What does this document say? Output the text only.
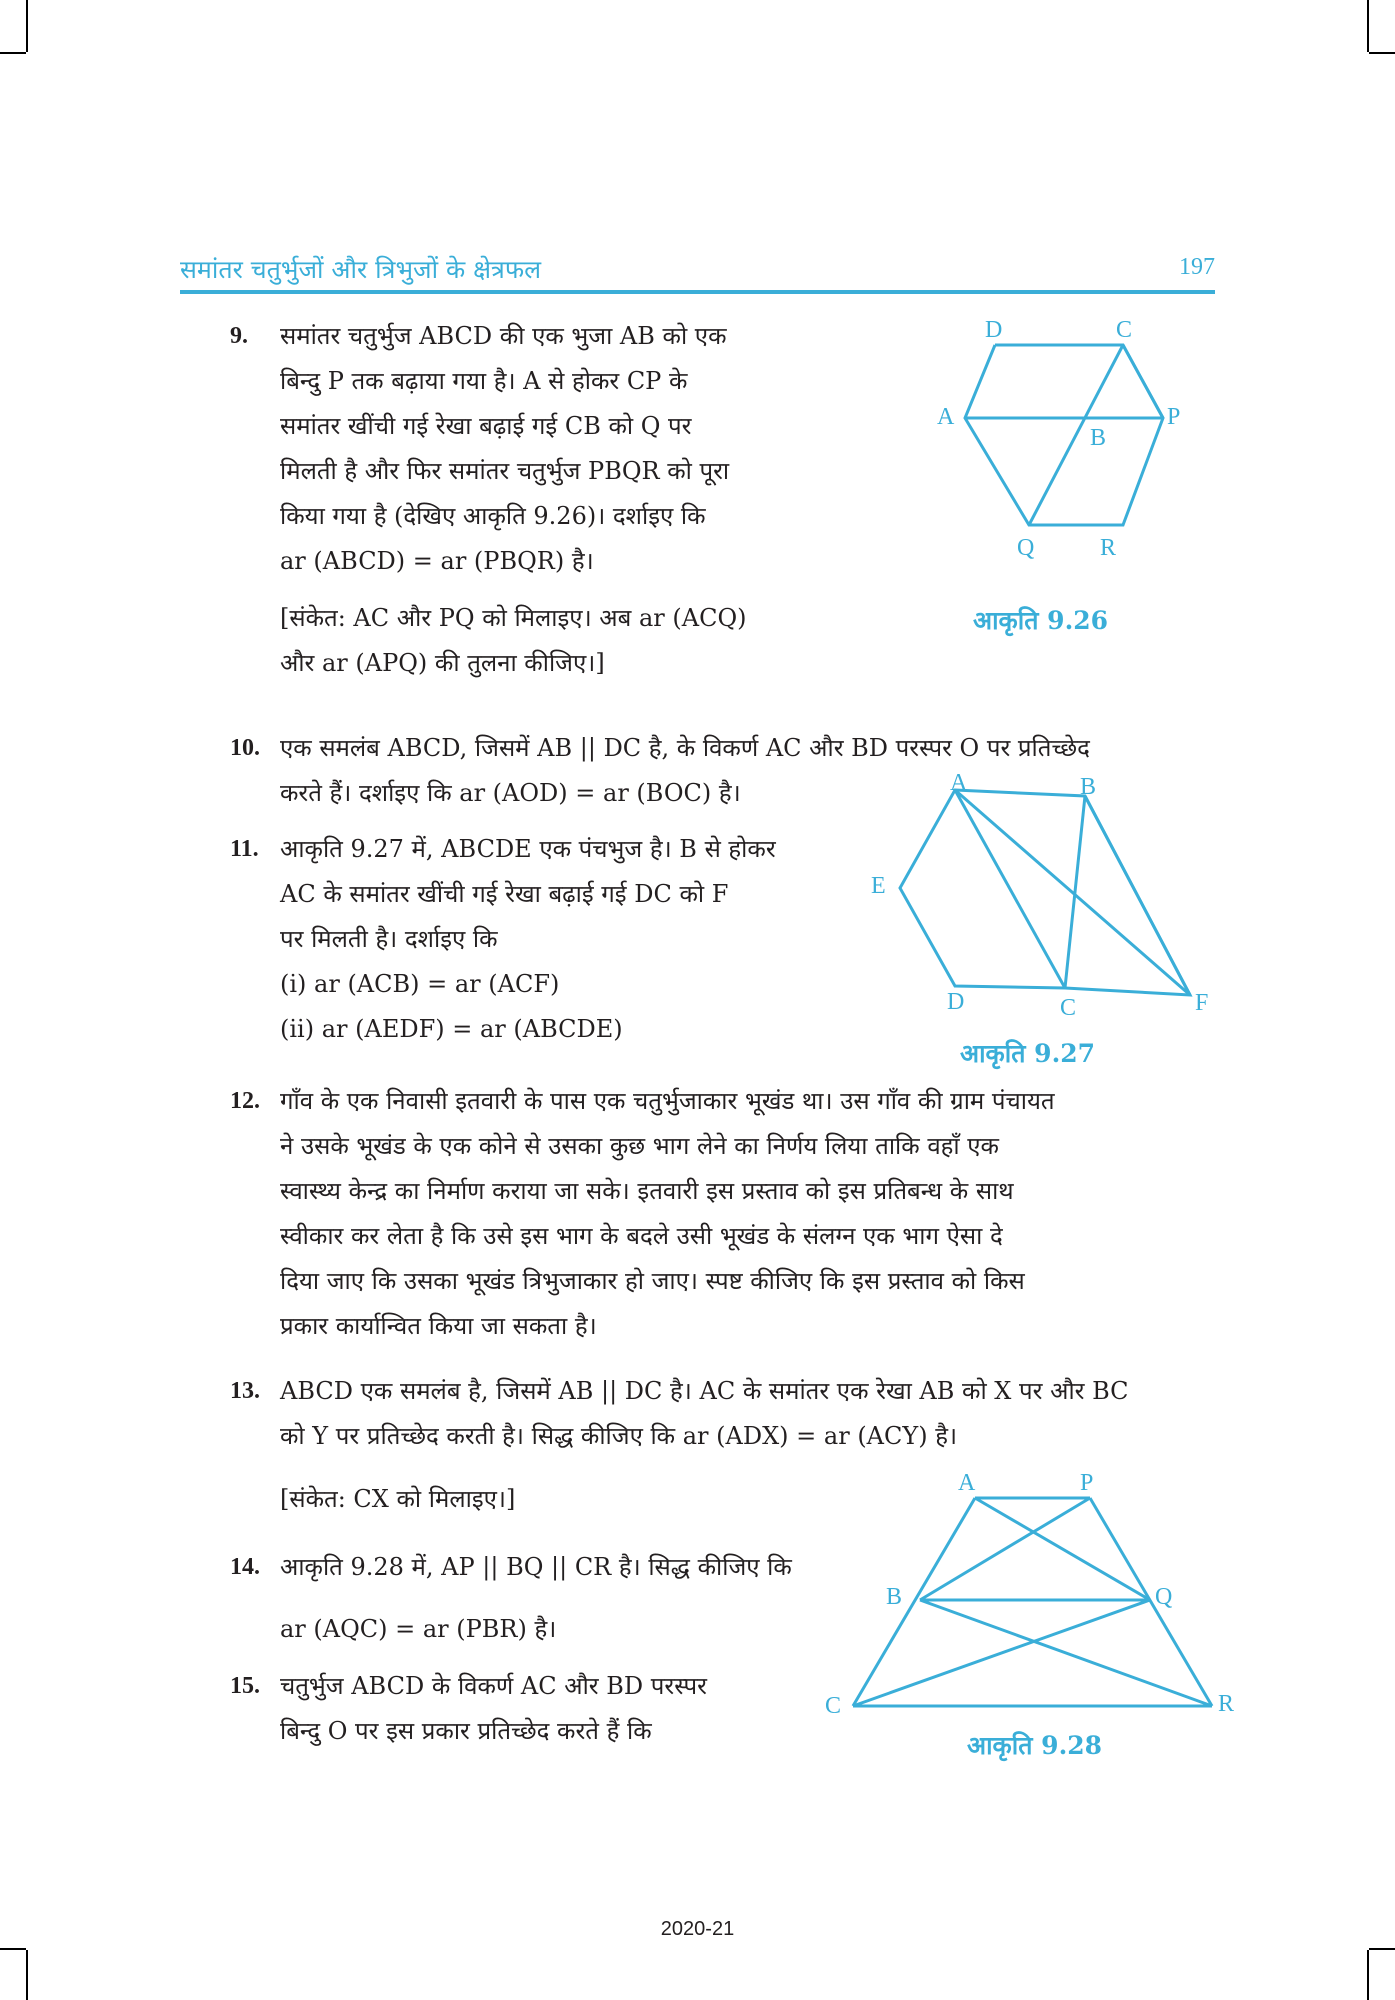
समांतर चतुर्भुजों और त्रिभुजों के क्षेत्रफल	197
9. समांतर चतुर्भुज ABCD की एक भुजा AB को एक
बिन्दु P तक बढ़ाया गया है। A से होकर CP के
समांतर खींची गई रेखा बढ़ाई गई CB को Q पर
मिलती है और फिर समांतर चतुर्भुज PBQR को पूरा
किया गया है (देखिए आकृति 9.26)। दर्शाइए कि
ar (ABCD) = ar (PBQR) है।
[संकेत: AC और PQ को मिलाइए। अब ar (ACQ)
और ar (APQ) की तुलना कीजिए।]
D	C
A
B
P
Q	R
आकृति 9.26
10. एक समलंब ABCD, जिसमें AB || DC है, के विकर्ण AC और BD परस्पर O पर प्रतिच्छेद
करते हैं। दर्शाइए कि ar (AOD) = ar (BOC) है।
11. आकृति 9.27 में, ABCDE एक पंचभुज है। B से होकर
AC के समांतर खींची गई रेखा बढ़ाई गई DC को F
पर मिलती है। दर्शाइए कि
(i) ar (ACB) = ar (ACF)
(ii) ar (AEDF) = ar (ABCDE)
A	B
E
D	C	F
आकृति 9.27
12. गाँव के एक निवासी इतवारी के पास एक चतुर्भुजाकार भूखंड था। उस गाँव की ग्राम पंचायत
ने उसके भूखंड के एक कोने से उसका कुछ भाग लेने का निर्णय लिया ताकि वहाँ एक
स्वास्थ्य केन्द्र का निर्माण कराया जा सके। इतवारी इस प्रस्ताव को इस प्रतिबन्ध के साथ
स्वीकार कर लेता है कि उसे इस भाग के बदले उसी भूखंड के संलग्न एक भाग ऐसा दे
दिया जाए कि उसका भूखंड त्रिभुजाकार हो जाए। स्पष्ट कीजिए कि इस प्रस्ताव को किस
प्रकार कार्यान्वित किया जा सकता है।
13. ABCD एक समलंब है, जिसमें AB || DC है। AC के समांतर एक रेखा AB को X पर और BC
को Y पर प्रतिच्छेद करती है। सिद्ध कीजिए कि ar (ADX) = ar (ACY) है।
[संकेत: CX को मिलाइए।]
14. आकृति 9.28 में, AP || BQ || CR है। सिद्ध कीजिए कि
ar (AQC) = ar (PBR) है।
15. चतुर्भुज ABCD के विकर्ण AC और BD परस्पर
बिन्दु O पर इस प्रकार प्रतिच्छेद करते हैं कि
A	P
B	Q
C	R
आकृति 9.28
2020-21
